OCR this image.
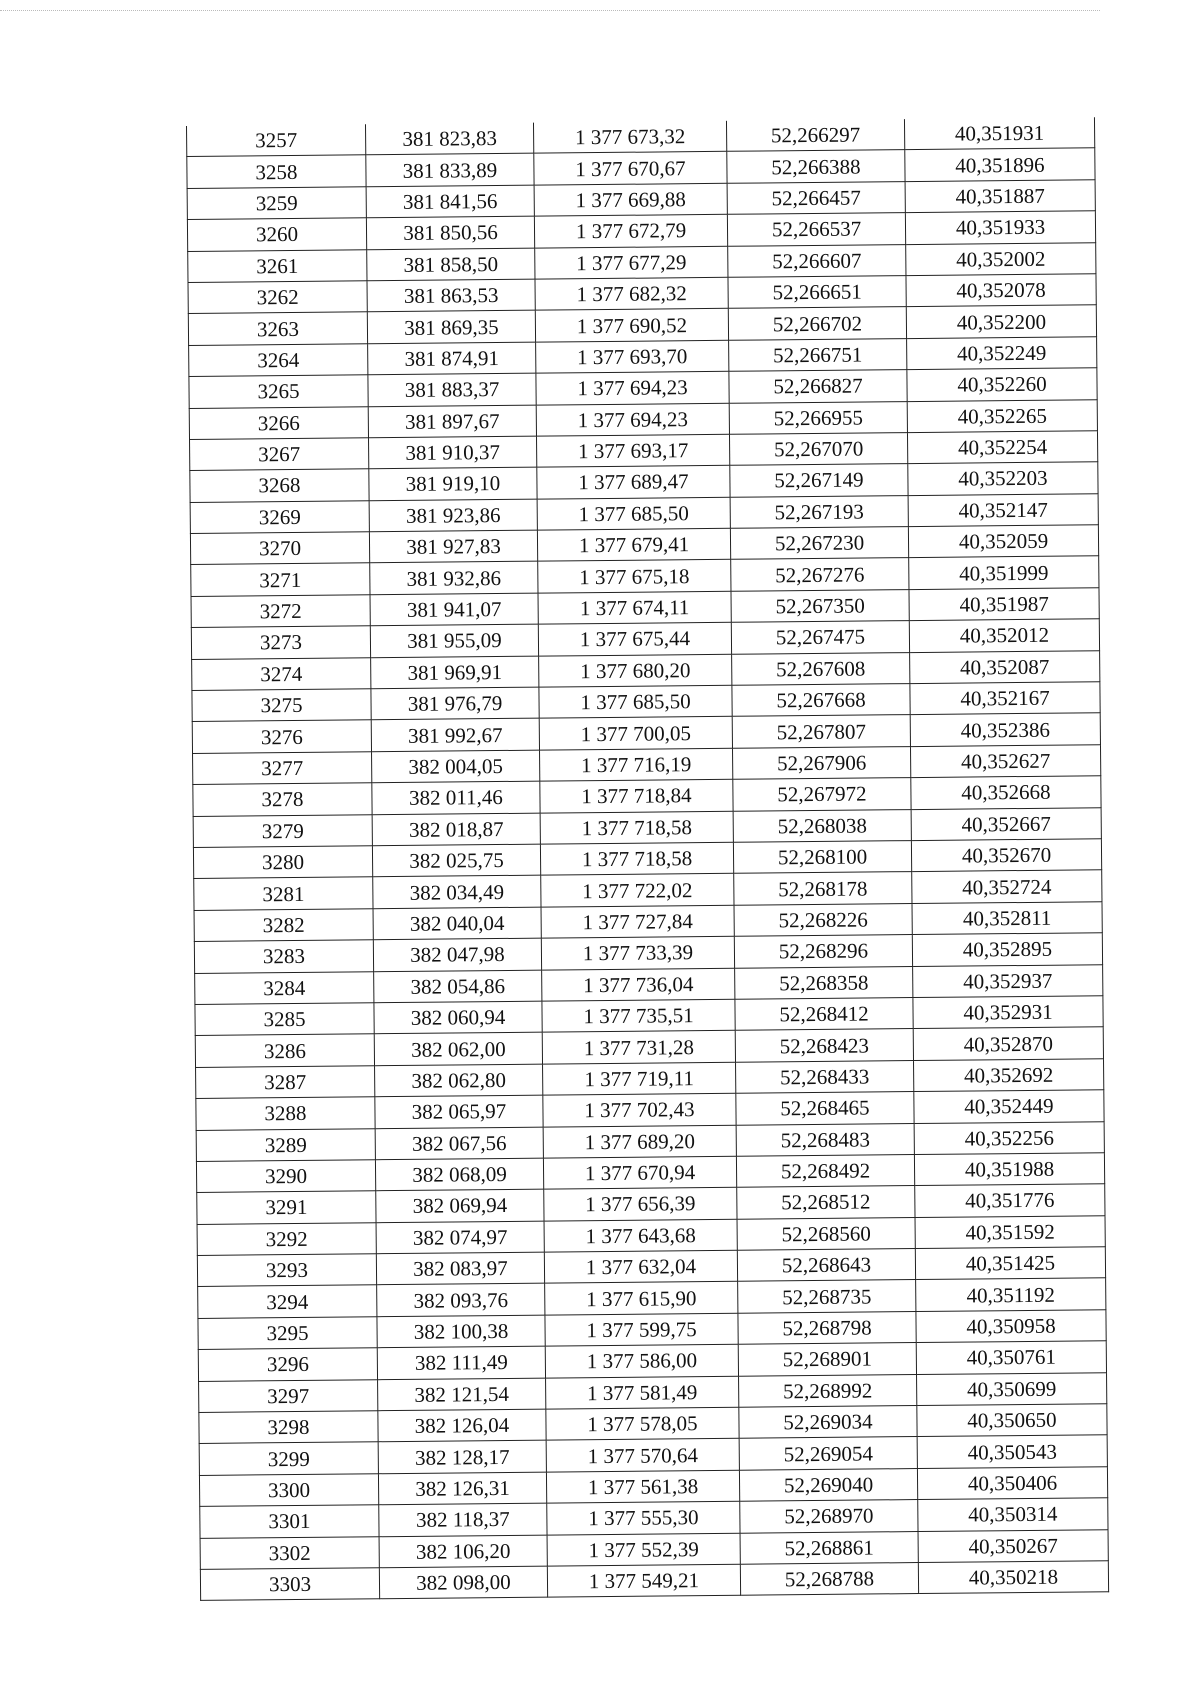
3257	381 823,83	1 377 673,32	52,266297	40,351931
3258	381 833,89	1 377 670,67	52,266388	40,351896
3259	381 841,56	1 377 669,88	52,266457	40,351887
3260	381 850,56	1 377 672,79	52,266537	40,351933
3261	381 858,50	1 377 677,29	52,266607	40,352002
3262	381 863,53	1 377 682,32	52,266651	40,352078
3263	381 869,35	1 377 690,52	52,266702	40,352200
3264	381 874,91	1 377 693,70	52,266751	40,352249
3265	381 883,37	1 377 694,23	52,266827	40,352260
3266	381 897,67	1 377 694,23	52,266955	40,352265
3267	381 910,37	1 377 693,17	52,267070	40,352254
3268	381 919,10	1 377 689,47	52,267149	40,352203
3269	381 923,86	1 377 685,50	52,267193	40,352147
3270	381 927,83	1 377 679,41	52,267230	40,352059
3271	381 932,86	1 377 675,18	52,267276	40,351999
3272	381 941,07	1 377 674,11	52,267350	40,351987
3273	381 955,09	1 377 675,44	52,267475	40,352012
3274	381 969,91	1 377 680,20	52,267608	40,352087
3275	381 976,79	1 377 685,50	52,267668	40,352167
3276	381 992,67	1 377 700,05	52,267807	40,352386
3277	382 004,05	1 377 716,19	52,267906	40,352627
3278	382 011,46	1 377 718,84	52,267972	40,352668
3279	382 018,87	1 377 718,58	52,268038	40,352667
3280	382 025,75	1 377 718,58	52,268100	40,352670
3281	382 034,49	1 377 722,02	52,268178	40,352724
3282	382 040,04	1 377 727,84	52,268226	40,352811
3283	382 047,98	1 377 733,39	52,268296	40,352895
3284	382 054,86	1 377 736,04	52,268358	40,352937
3285	382 060,94	1 377 735,51	52,268412	40,352931
3286	382 062,00	1 377 731,28	52,268423	40,352870
3287	382 062,80	1 377 719,11	52,268433	40,352692
3288	382 065,97	1 377 702,43	52,268465	40,352449
3289	382 067,56	1 377 689,20	52,268483	40,352256
3290	382 068,09	1 377 670,94	52,268492	40,351988
3291	382 069,94	1 377 656,39	52,268512	40,351776
3292	382 074,97	1 377 643,68	52,268560	40,351592
3293	382 083,97	1 377 632,04	52,268643	40,351425
3294	382 093,76	1 377 615,90	52,268735	40,351192
3295	382 100,38	1 377 599,75	52,268798	40,350958
3296	382 111,49	1 377 586,00	52,268901	40,350761
3297	382 121,54	1 377 581,49	52,268992	40,350699
3298	382 126,04	1 377 578,05	52,269034	40,350650
3299	382 128,17	1 377 570,64	52,269054	40,350543
3300	382 126,31	1 377 561,38	52,269040	40,350406
3301	382 118,37	1 377 555,30	52,268970	40,350314
3302	382 106,20	1 377 552,39	52,268861	40,350267
3303	382 098,00	1 377 549,21	52,268788	40,350218
